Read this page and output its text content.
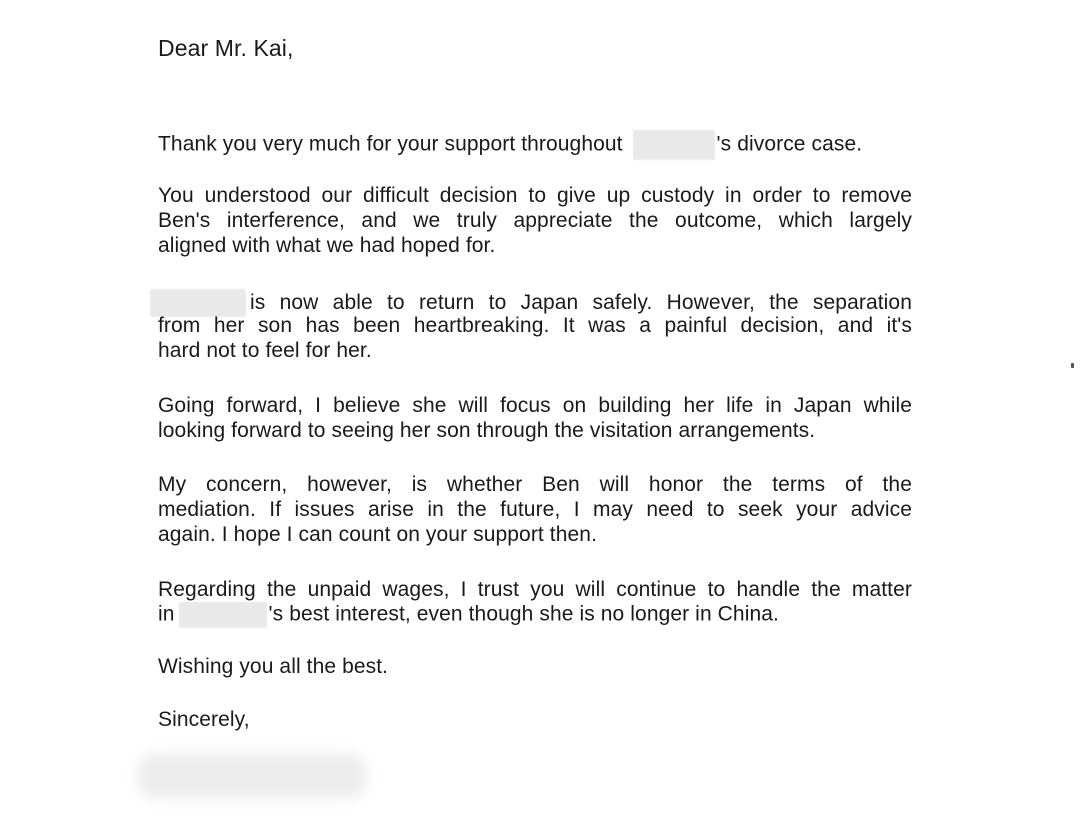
Dear Mr. Kai,
Thank you very much for your support throughout	's divorce case.
You understood our difficult decision to give up custody in order to remove
Ben's interference, and we truly appreciate the outcome, which largely
aligned with what we had hoped for.
is now able to return to Japan safely. However, the separation
from her son has been heartbreaking. It was a painful decision, and it's
hard not to feel for her.
Going forward, I believe she will focus on building her life in Japan while
looking forward to seeing her son through the visitation arrangements.
My concern, however, is whether Ben will honor the terms of the
mediation. If issues arise in the future, I may need to seek your advice
again. I hope I can count on your support then.
Regarding the unpaid wages, I trust you will continue to handle the matter
in	's best interest, even though she is no longer in China.
Wishing you all the best.
Sincerely,
